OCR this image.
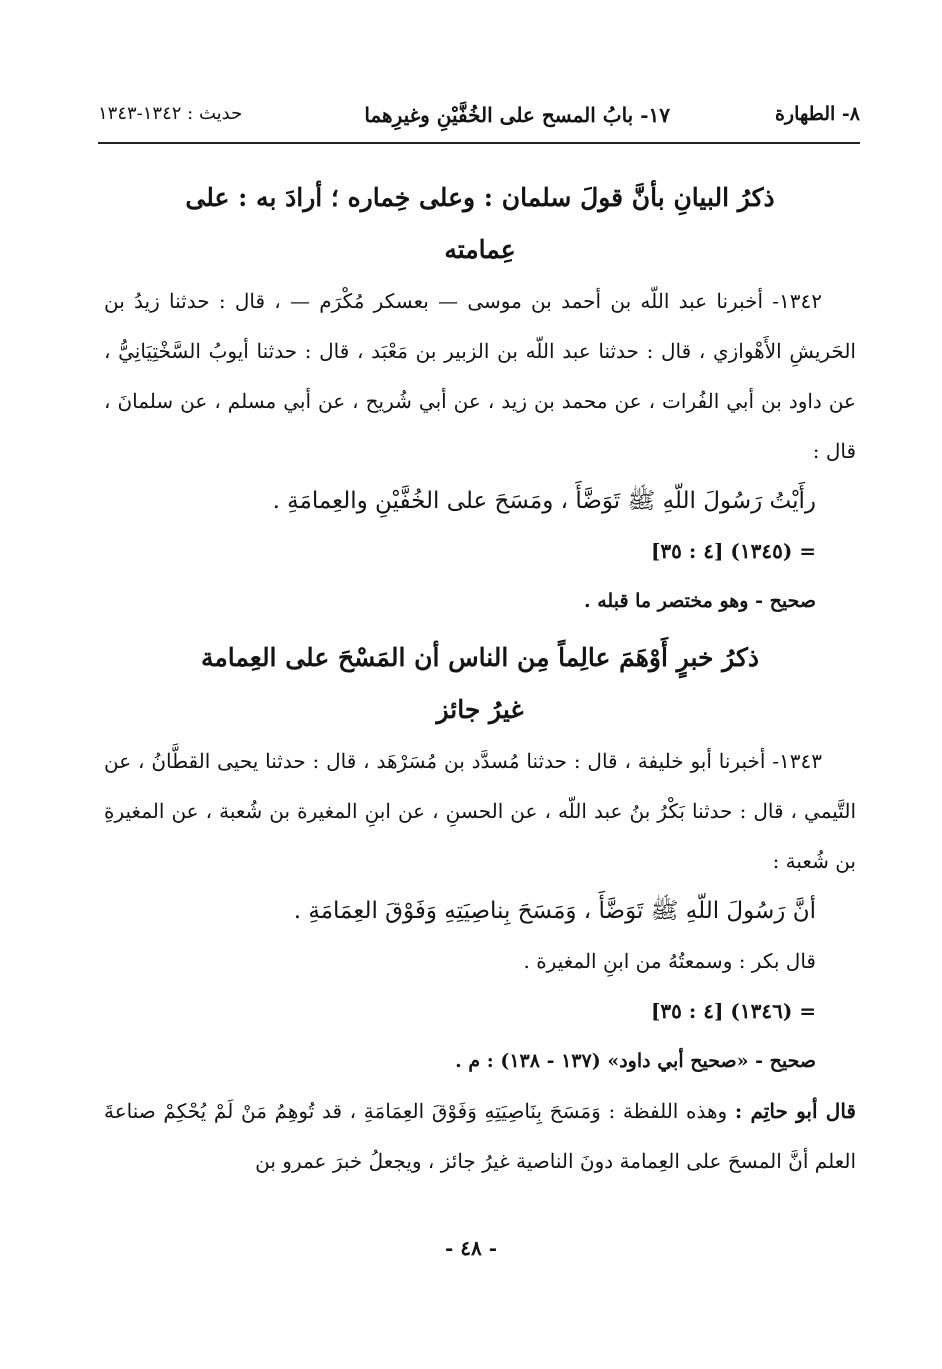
٨- الطهارة
١٧- بابُ المسح على الخُفَّيْنِ وغيرِهما
حديث : ١٣٤٢-١٣٤٣
ذكرُ البيانِ بأنَّ قولَ سلمان : وعلى خِماره ؛ أرادَ به : على
عِمامته

١٣٤٢- أخبرنا عبد اللّه بن أحمد بن موسى — بعسكر مُكْرَم — ، قال : حدثنا زيدُ بن الحَريشِ الأَهْوازي ، قال : حدثنا عبد اللّه بن الزبير بن مَعْبَد ، قال : حدثنا أيوبُ السَّخْتِيَانِيُّ ، عن داود بن أبي الفُرات ، عن محمد بن زيد ، عن أبي شُريح ، عن أبي مسلم ، عن سلمانَ ، قال :

رأَيْتُ رَسُولَ اللّهِ ﷺ تَوَضَّأَ ، ومَسَحَ على الخُفَّيْنِ والعِمامَةِ .

= (١٣٤٥) [٤ : ٣٥]

صحيح - وهو مختصر ما قبله .

ذكرُ خبرٍ أَوْهَمَ عالِماً مِن الناس أن المَسْحَ على العِمامة
غيرُ جائز

١٣٤٣- أخبرنا أبو خليفة ، قال : حدثنا مُسدَّد بن مُسَرْهَد ، قال : حدثنا يحيى القطَّانُ ، عن التَّيمي ، قال : حدثنا بَكْرُ بنُ عبد اللّه ، عن الحسنِ ، عن ابنِ المغيرة بن شُعبة ، عن المغيرةِ بن شُعبة :

أنَّ رَسُولَ اللّهِ ﷺ تَوَضَّأَ ، وَمَسَحَ بِناصِيَتِهِ وَفَوْقَ العِمَامَةِ .

قال بكر : وسمعتُهُ من ابنِ المغيرة .

= (١٣٤٦) [٤ : ٣٥]

صحيح - «صحيح أبي داود» (١٣٧ - ١٣٨) : م .

قال أبو حاتِم : وهذه اللفظة : وَمَسَحَ بِنَاصِيَتِهِ وَفَوْقَ العِمَامَةِ ، قد تُوهِمُ مَنْ لَمْ يُحْكِمْ صناعةَ العلم أنَّ المسحَ على العِمامة دونَ الناصية غيرُ جائز ، ويجعلُ خبرَ عمرو بن

- ٤٨ -
